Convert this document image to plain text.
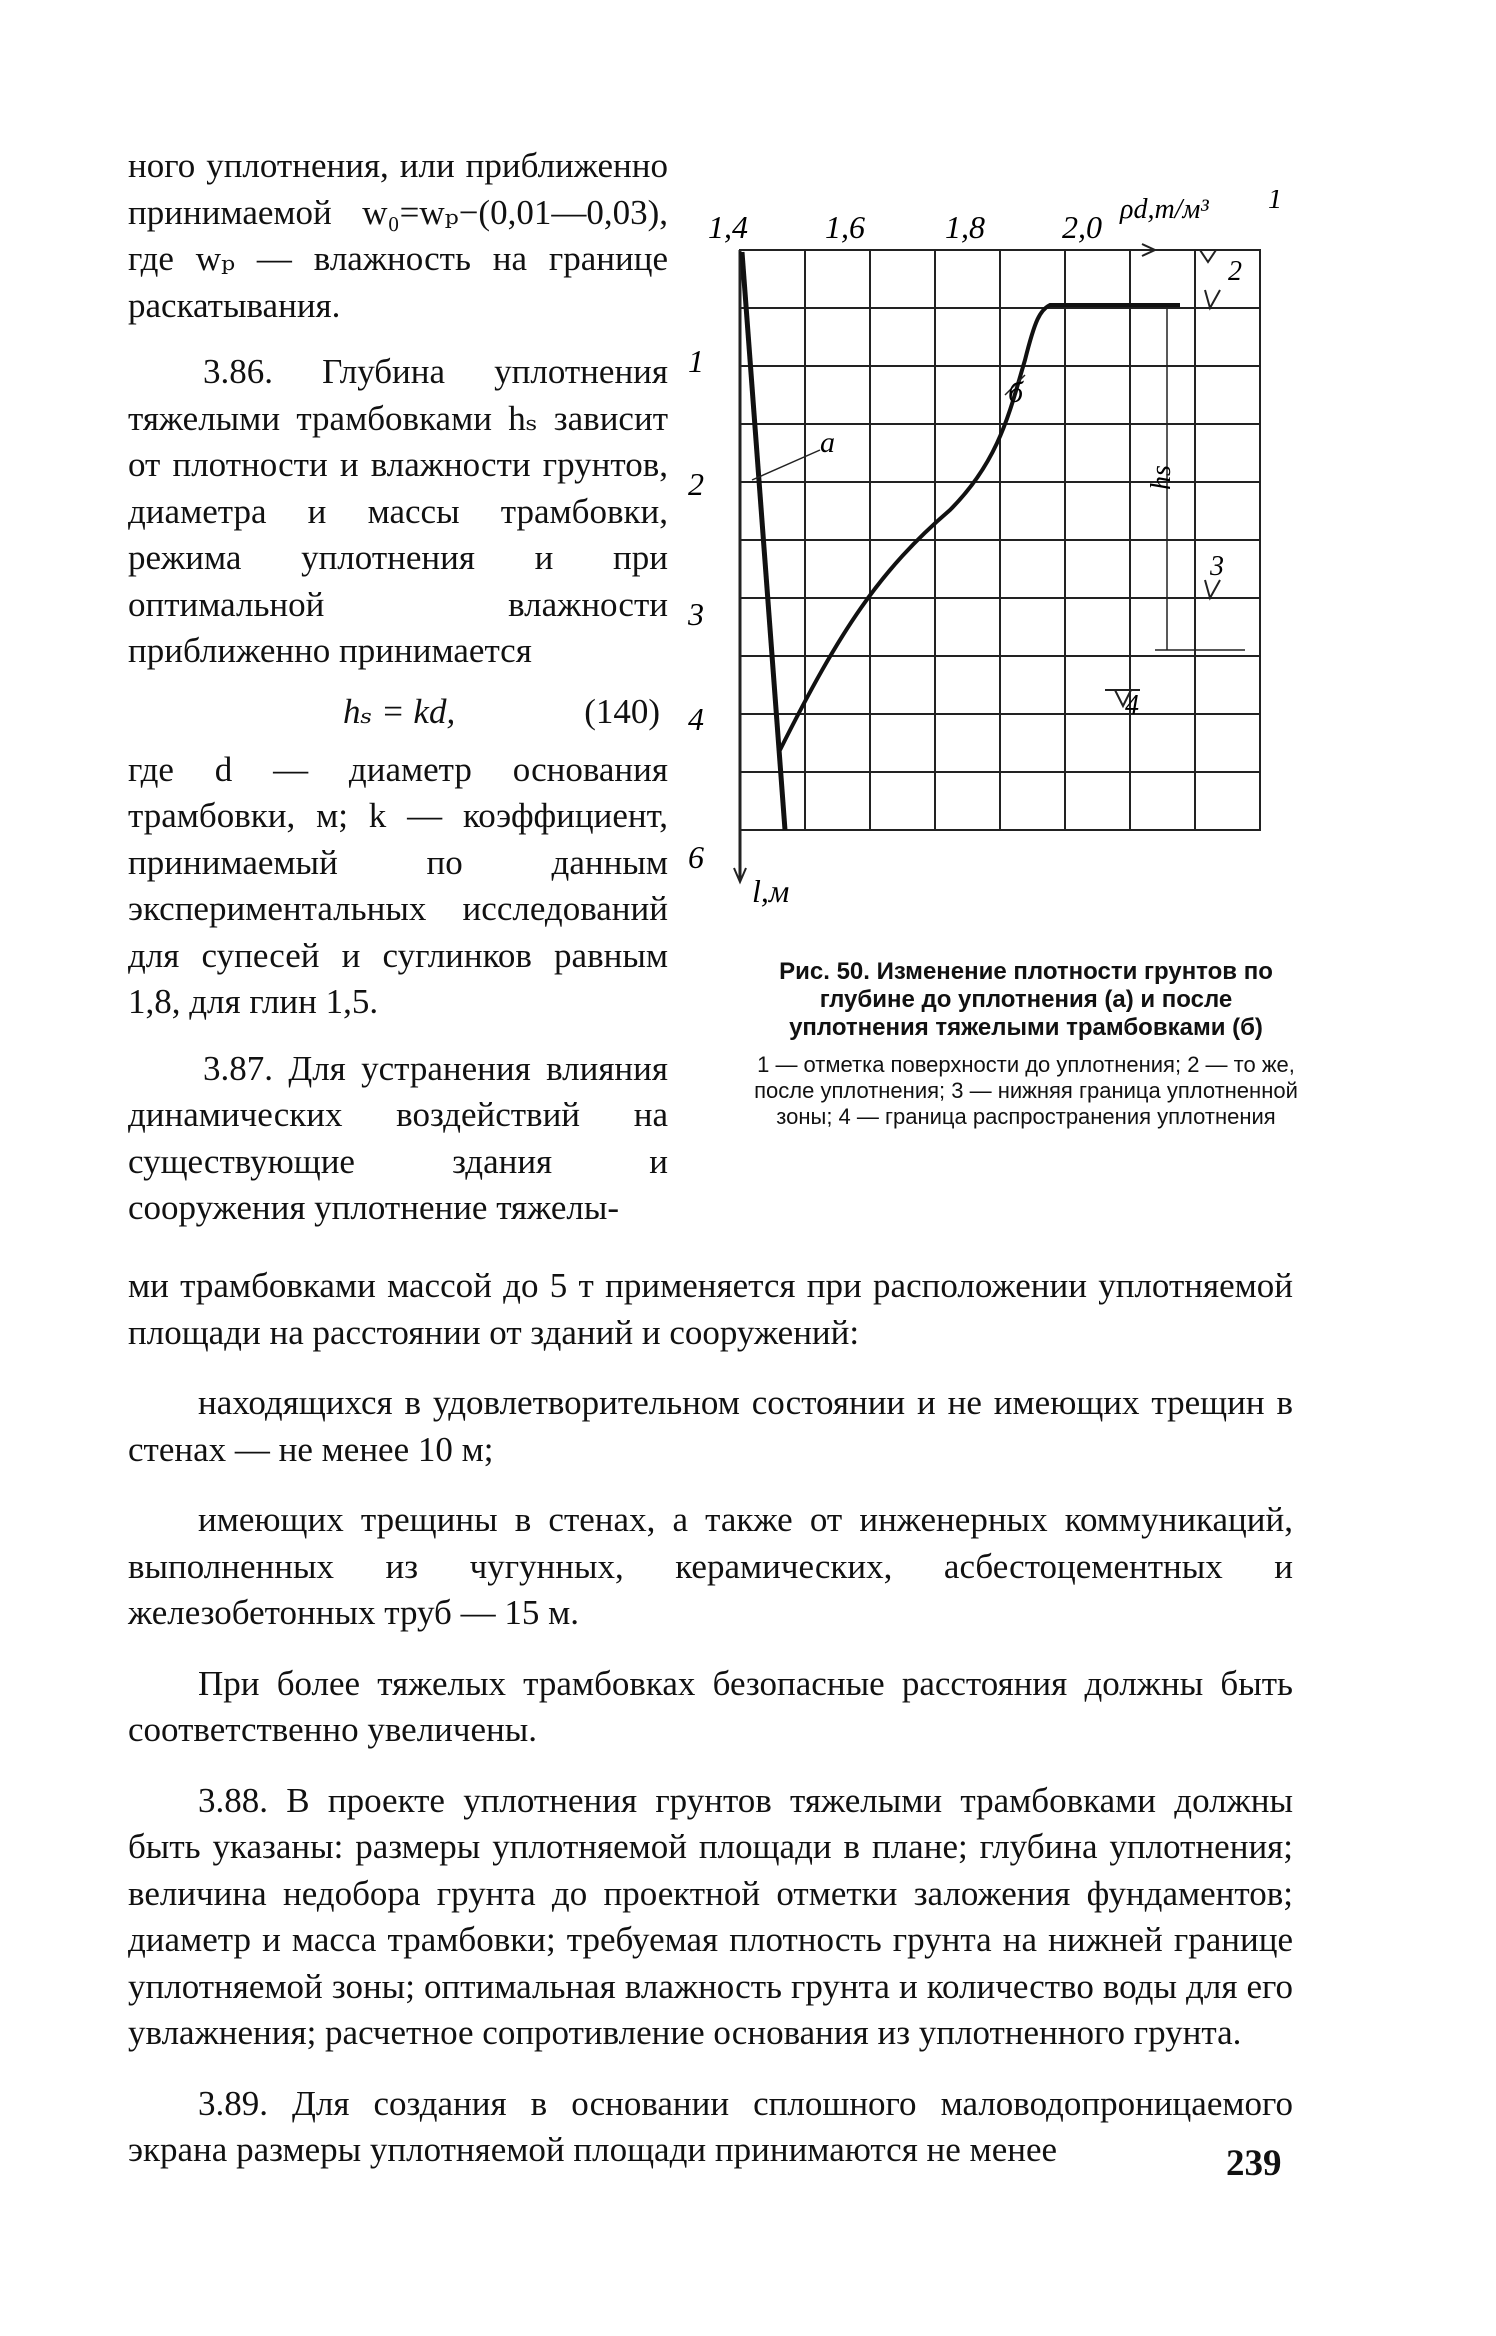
ного уплотнения, или приближенно принимаемой w₀=wₚ−(0,01—0,03), где wₚ — влажность на границе раскатывания.

3.86. Глубина уплотнения тяжелыми трамбовками hₛ зависит от плотности и влажности грунтов, диаметра и массы трамбовки, режима уплотнения и при оптимальной влажности приближенно принимается

hₛ = kd,	(140)

где d — диаметр основания трамбовки, м; k — коэффициент, принимаемый по данным экспериментальных исследований для супесей и суглинков равным 1,8, для глин 1,5.

3.87. Для устранения влияния динамических воздействий на существующие здания и сооружения уплотнение тяжелы-

1,4 1,6	1,8 2,0 ρd,т/м³
1
2
3
4
6
l,м
a
б
hs
1
2
3
4
Рис. 50. Изменение плотности грунтов по глубине до уплотнения (а) и после уплотнения тяжелыми трамбовками (б)
1 — отметка поверхности до уплотнения; 2 — то же, после уплотнения; 3 — нижняя граница уплотненной зоны; 4 — граница распространения уплотнения

ми трамбовками массой до 5 т применяется при расположении уплотняемой площади на расстоянии от зданий и сооружений:

находящихся в удовлетворительном состоянии и не имеющих трещин в стенах — не менее 10 м;

имеющих трещины в стенах, а также от инженерных коммуникаций, выполненных из чугунных, керамических, асбестоцементных и железобетонных труб — 15 м.

При более тяжелых трамбовках безопасные расстояния должны быть соответственно увеличены.

3.88. В проекте уплотнения грунтов тяжелыми трамбовками должны быть указаны: размеры уплотняемой площади в плане; глубина уплотнения; величина недобора грунта до проектной отметки заложения фундаментов; диаметр и масса трамбовки; требуемая плотность грунта на нижней границе уплотняемой зоны; оптимальная влажность грунта и количество воды для его увлажнения; расчетное сопротивление основания из уплотненного грунта.

3.89. Для создания в основании сплошного маловодопроницаемого экрана размеры уплотняемой площади принимаются не менее	239
